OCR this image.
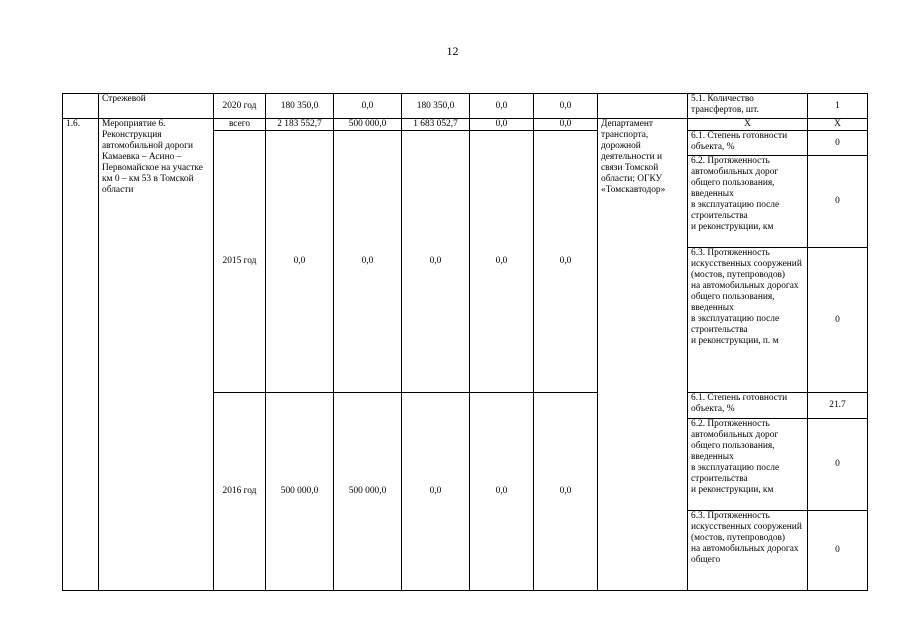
12
	Стрежевой	2020 год	180 350,0	0,0	180 350,0	0,0	0,0		5.1. Количество трансфертов, шт.	1
1.6.	Мероприятие 6. Реконструкция автомобильной дороги Камаевка – Асино – Первомайское на участке км 0 – км 53 в Томской области	всего	2 183 552,7	500 000,0	1 683 052,7	0,0	0,0	Департамент транспорта, дорожной деятельности и связи Томской области; ОГКУ «Томскавтодор»	X	X
		2015 год	0,0	0,0	0,0	0,0	0,0		6.1. Степень готовности объекта, %	0
									6.2. Протяженность автомобильных дорог общего пользования, введенных
в эксплуатацию после строительства
и реконструкции, км	0
									6.3. Протяженность искусственных сооружений (мостов, путепроводов)
на автомобильных дорогах общего пользования, введенных
в эксплуатацию после строительства
и реконструкции, п. м	0
		2016 год	500 000,0	500 000,0	0,0	0,0	0,0		6.1. Степень готовности объекта, %	21.7
									6.2. Протяженность автомобильных дорог общего пользования, введенных
в эксплуатацию после строительства
и реконструкции, км	0
									6.3. Протяженность искусственных сооружений (мостов, путепроводов)
на автомобильных дорогах общего	0
